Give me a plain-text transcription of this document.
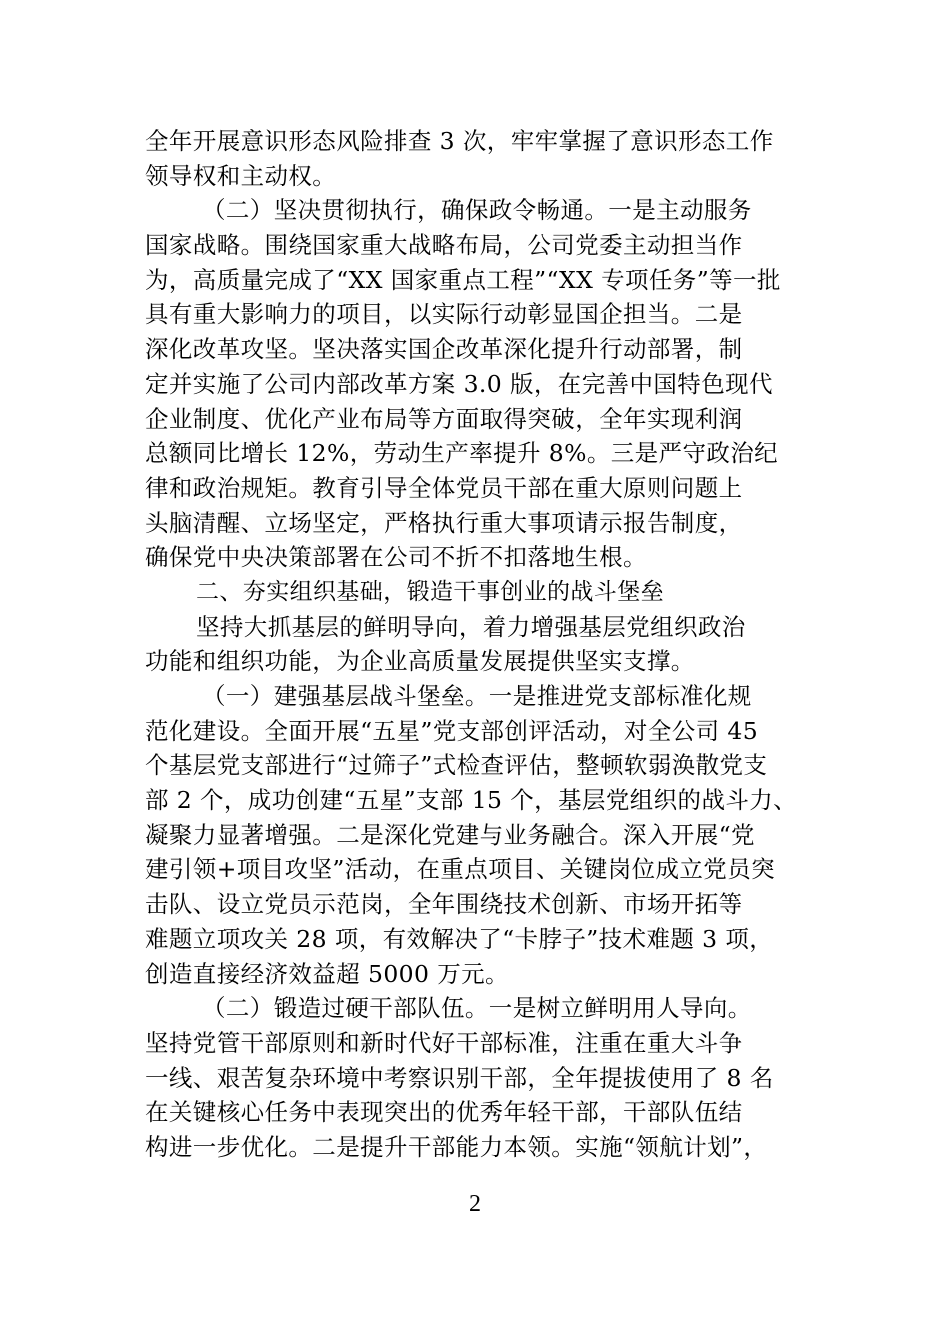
全年开展意识形态风险排查 3 次，牢牢掌握了意识形态工作
领导权和主动权。

（二）坚决贯彻执行，确保政令畅通。一是主动服务
国家战略。围绕国家重大战略布局，公司党委主动担当作
为，高质量完成了“XX 国家重点工程”“XX 专项任务”等一批
具有重大影响力的项目，以实际行动彰显国企担当。二是
深化改革攻坚。坚决落实国企改革深化提升行动部署，制
定并实施了公司内部改革方案 3.0 版，在完善中国特色现代
企业制度、优化产业布局等方面取得突破，全年实现利润
总额同比增长 12%，劳动生产率提升 8%。三是严守政治纪
律和政治规矩。教育引导全体党员干部在重大原则问题上
头脑清醒、立场坚定，严格执行重大事项请示报告制度，
确保党中央决策部署在公司不折不扣落地生根。

二、夯实组织基础，锻造干事创业的战斗堡垒

坚持大抓基层的鲜明导向，着力增强基层党组织政治
功能和组织功能，为企业高质量发展提供坚实支撑。

（一）建强基层战斗堡垒。一是推进党支部标准化规
范化建设。全面开展“五星”党支部创评活动，对全公司 45
个基层党支部进行“过筛子”式检查评估，整顿软弱涣散党支
部 2 个，成功创建“五星”支部 15 个，基层党组织的战斗力、
凝聚力显著增强。二是深化党建与业务融合。深入开展“党
建引领+项目攻坚”活动，在重点项目、关键岗位成立党员突
击队、设立党员示范岗，全年围绕技术创新、市场开拓等
难题立项攻关 28 项，有效解决了“卡脖子”技术难题 3 项，
创造直接经济效益超 5000 万元。

（二）锻造过硬干部队伍。一是树立鲜明用人导向。
坚持党管干部原则和新时代好干部标准，注重在重大斗争
一线、艰苦复杂环境中考察识别干部，全年提拔使用了 8 名
在关键核心任务中表现突出的优秀年轻干部，干部队伍结
构进一步优化。二是提升干部能力本领。实施“领航计划”，

2
